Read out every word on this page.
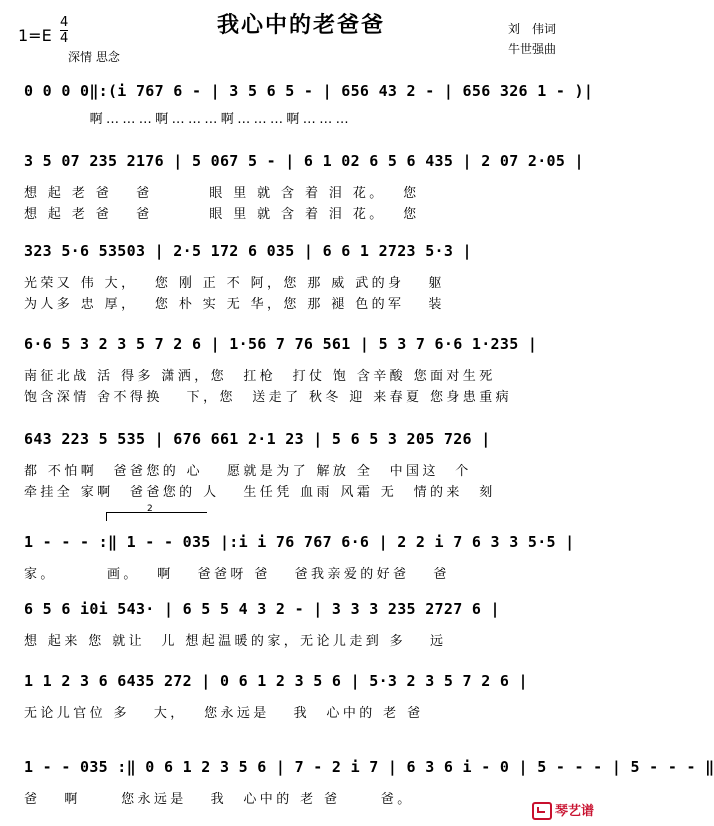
我心中的老爸爸
1=E
4
4
深情 思念
刘　伟词
牛世强曲
0 0 0 0‖:(i 767 6 - | 3 5 6 5 - | 656 43 2 - | 656 326 1 - )|
　　　　啊………啊………啊………啊………
3 5 07 235 2176 | 5 067 5 - | 6 1 02 6 5 6 435 | 2 07 2·05 |
想 起 老 爸　 爸　　　 眼 里 就 含 着 泪 花。　 您
想 起 老 爸　 爸　　　 眼 里 就 含 着 泪 花。　 您
323 5·6 53503 | 2·5 172 6 035 | 6 6 1 2723 5·3 |
光荣又 伟 大，　 您 刚 正 不 阿，您 那 威 武的身　 躯
为人多 忠 厚，　 您 朴 实 无 华，您 那 褪 色的军　 装
6·6 5 3 2 3 5 7 2 6 | 1·56 7 76 561 | 5 3 7 6·6 1·235 |
南征北战 活 得多 潇洒，您　扛枪　打仗 饱 含辛酸 您面对生死
饱含深情 舍不得换　 下，您　送走了 秋冬 迎 来春夏 您身患重病
643 223 5 535 | 676 661 2·1 23 | 5 6 5 3 205 726 |
都 不怕啊　爸爸您的 心　 愿就是为了 解放 全　中国这　个
牵挂全 家啊　爸爸您的 人　 生任凭 血雨 风霜 无　情的来　刻
2
1 - - - :‖ 1 - - 035 |:i i 76 767 6·6 | 2 2 i 7 6 3 3 5·5 |
家。　　　 画。　 啊　 爸爸呀 爸　 爸我亲爱的好爸　 爸
6 5 6 i0i 543· | 6 5 5 4 3 2 - | 3 3 3 235 2727 6 |
想 起来 您 就让　儿 想起温暖的家，无论儿走到 多　 远
1 1 2 3 6 6435 272 | 0 6 1 2 3 5 6 | 5·3 2 3 5 7 2 6 |
无论儿官位 多　 大，　 您永远是　 我　心中的 老 爸
1 - - 035 :‖ 0 6 1 2 3 5 6 | 7 - 2 i 7 | 6 3 6 i - 0 | 5 - - - | 5 - - - ‖
爸　 啊　　 您永远是　 我　心中的 老 爸　　 爸。
琴艺谱
